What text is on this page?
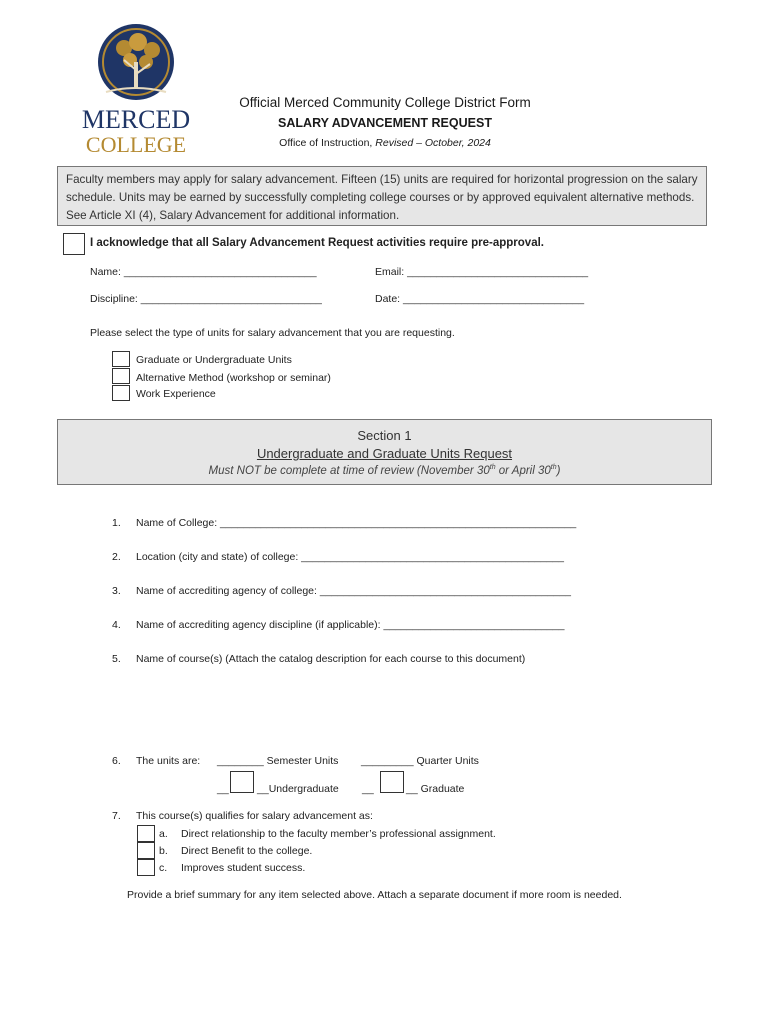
MERCED
COLLEGE
Official Merced Community College District Form
SALARY ADVANCEMENT REQUEST
Office of Instruction, Revised – October, 2024
Faculty members may apply for salary advancement. Fifteen (15) units are required for horizontal progression on the salary schedule. Units may be earned by successfully completing college courses or by approved equivalent alternative methods. See Article XI (4), Salary Advancement for additional information.
I acknowledge that all Salary Advancement Request activities require pre-approval.
Name: _________________________________	Email: _______________________________
Discipline: _______________________________	Date: _______________________________
Please select the type of units for salary advancement that you are requesting.
Graduate or Undergraduate Units
Alternative Method (workshop or seminar)
Work Experience
Section 1
Undergraduate and Graduate Units Request
Must NOT be complete at time of review (November 30th or April 30th)
1. Name of College: _____________________________________________________________
2. Location (city and state) of college: _____________________________________________
3. Name of accrediting agency of college: ___________________________________________
4. Name of accrediting agency discipline (if applicable): _______________________________
5. Name of course(s) (Attach the catalog description for each course to this document)
6. The units are: ________ Semester Units _________ Quarter Units
__	__Undergraduate __	__ Graduate
7. This course(s) qualifies for salary advancement as:
a. Direct relationship to the faculty member’s professional assignment.
b. Direct Benefit to the college.
c. Improves student success.
Provide a brief summary for any item selected above. Attach a separate document if more room is needed.
